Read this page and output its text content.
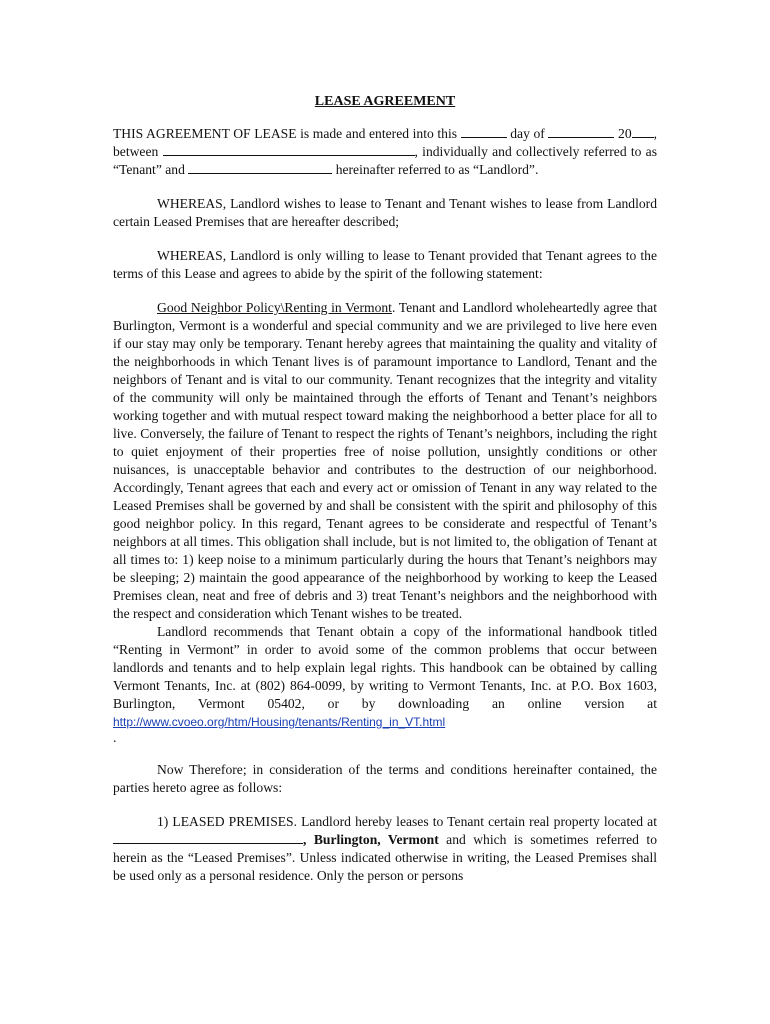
LEASE AGREEMENT

THIS AGREEMENT OF LEASE is made and entered into this	day of	20 , between	, individually and collectively referred to as “Tenant” and	hereinafter referred to as “Landlord”.

WHEREAS, Landlord wishes to lease to Tenant and Tenant wishes to lease from Landlord certain Leased Premises that are hereafter described;

WHEREAS, Landlord is only willing to lease to Tenant provided that Tenant agrees to the terms of this Lease and agrees to abide by the spirit of the following statement:

Good Neighbor Policy\Renting in Vermont. Tenant and Landlord wholeheartedly agree that Burlington, Vermont is a wonderful and special community and we are privileged to live here even if our stay may only be temporary. Tenant hereby agrees that maintaining the quality and vitality of the neighborhoods in which Tenant lives is of paramount importance to Landlord, Tenant and the neighbors of Tenant and is vital to our community. Tenant recognizes that the integrity and vitality of the community will only be maintained through the efforts of Tenant and Tenant’s neighbors working together and with mutual respect toward making the neighborhood a better place for all to live. Conversely, the failure of Tenant to respect the rights of Tenant’s neighbors, including the right to quiet enjoyment of their properties free of noise pollution, unsightly conditions or other nuisances, is unacceptable behavior and contributes to the destruction of our neighborhood. Accordingly, Tenant agrees that each and every act or omission of Tenant in any way related to the Leased Premises shall be governed by and shall be consistent with the spirit and philosophy of this good neighbor policy. In this regard, Tenant agrees to be considerate and respectful of Tenant’s neighbors at all times. This obligation shall include, but is not limited to, the obligation of Tenant at all times to: 1) keep noise to a minimum particularly during the hours that Tenant’s neighbors may be sleeping; 2) maintain the good appearance of the neighborhood by working to keep the Leased Premises clean, neat and free of debris and 3) treat Tenant’s neighbors and the neighborhood with the respect and consideration which Tenant wishes to be treated.

Landlord recommends that Tenant obtain a copy of the informational handbook titled “Renting in Vermont” in order to avoid some of the common problems that occur between landlords and tenants and to help explain legal rights. This handbook can be obtained by calling Vermont Tenants, Inc. at (802) 864-0099, by writing to Vermont Tenants, Inc. at P.O. Box 1603, Burlington, Vermont 05402, or by downloading an online version at http://www.cvoeo.org/htm/Housing/tenants/Renting_in_VT.html

.

Now Therefore; in consideration of the terms and conditions hereinafter contained, the parties hereto agree as follows:

1) LEASED PREMISES. Landlord hereby leases to Tenant certain real property located at , Burlington, Vermont and which is sometimes referred to herein as the “Leased Premises”. Unless indicated otherwise in writing, the Leased Premises shall be used only as a personal residence. Only the person or persons
